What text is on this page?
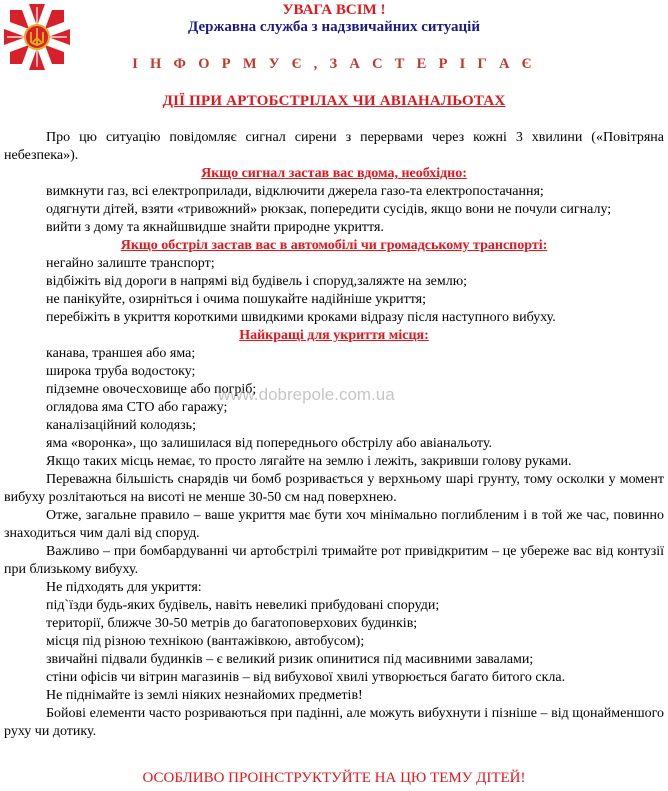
УВАГА ВСІМ !
Державна служба з надзвичайних ситуацій
І Н Ф О Р М У Є , З А С Т Е Р І Г А Є
ДІЇ ПРИ АРТОБСТРІЛАХ ЧИ АВІАНАЛЬОТАХ

Про цю ситуацію повідомляє сигнал сирени з перервами через кожні 3 хвилини («Повітряна небезпека»).

Якщо сигнал застав вас вдома, необхідно:

вимкнути газ, всі електроприлади, відключити джерела газо-та електропостачання;

одягнути дітей, взяти «тривожний» рюкзак, попередити сусідів, якщо вони не почули сигналу;

вийти з дому та якнайшвидше знайти природне укриття.

Якщо обстріл застав вас в автомобілі чи громадському транспорті:

негайно залиште транспорт;

відбіжіть від дороги в напрямі від будівель і споруд,заляжте на землю;

не панікуйте, озирніться і очима пошукайте надійніше укриття;

перебіжіть в укриття короткими швидкими кроками відразу після наступного вибуху.

Найкращі для укриття місця:

канава, траншея або яма;

широка труба водостоку;

підземне овочесховище або погріб;

оглядова яма СТО або гаражу;

каналізаційний колодязь;

яма «воронка», що залишилася від попереднього обстрілу або авіанальоту.

Якщо таких місць немає, то просто лягайте на землю і лежіть, закривши голову руками.

Переважна більшість снарядів чи бомб розривається у верхньому шарі грунту, тому осколки у момент вибуху розлітаються на висоті не менше 30-50 см над поверхнею.

Отже, загальне правило – ваше укриття має бути хоч мінімально поглибленим і в той же час, повинно знаходиться чим далі від споруд.

Важливо – при бомбардуванні чи артобстрілі тримайте рот привідкритим – це убереже вас від контузії при близькому вибуху.

Не підходять для укриття:

під`їзди будь-яких будівель, навіть невеликі прибудовані споруди;

території, ближче 30-50 метрів до багатоповерхових будинків;

місця під різною технікою (вантажівкою, автобусом);

звичайні підвали будинків – є великий ризик опинитися під масивними завалами;

стіни офісів чи вітрин магазинів – від вибухової хвилі утворюється багато битого скла.

Не піднімайте із землі ніяких незнайомих предметів!

Бойові елементи часто розриваються при падінні, але можуть вибухнути і пізніше – від щонайменшого руху чи дотику.

www.dobrepole.com.ua
ОСОБЛИВО ПРОІНСТРУКТУЙТЕ НА ЦЮ ТЕМУ ДІТЕЙ!
